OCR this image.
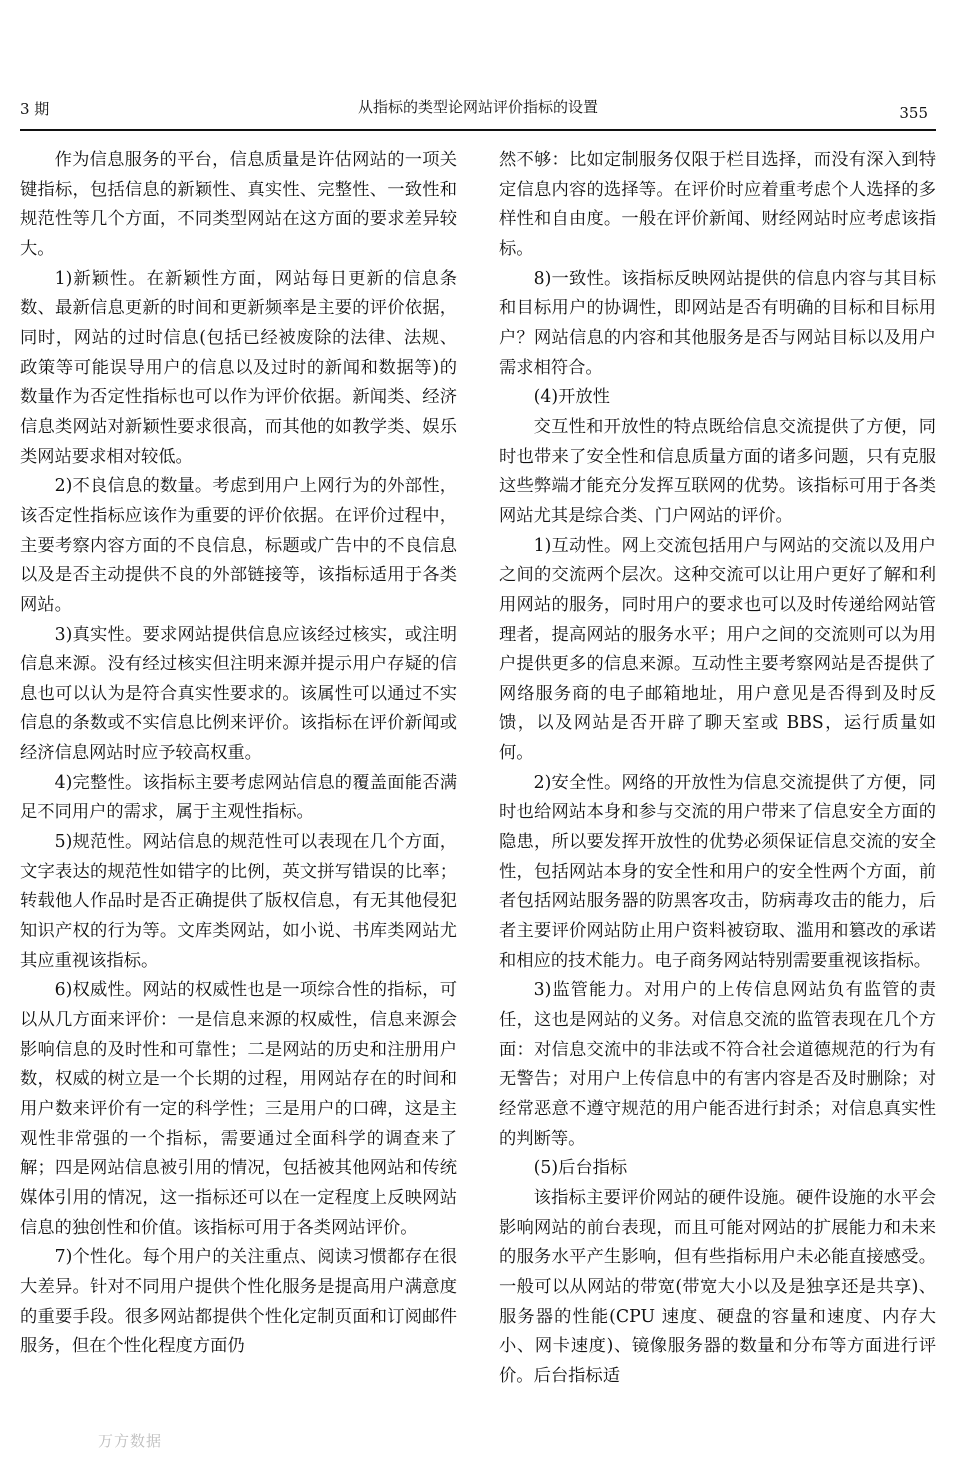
3 期	从指标的类型论网站评价指标的设置	355

作为信息服务的平台，信息质量是许估网站的一项关键指标，包括信息的新颖性、真实性、完整性、一致性和规范性等几个方面，不同类型网站在这方面的要求差异较大。

1)新颖性。在新颖性方面，网站每日更新的信息条数、最新信息更新的时间和更新频率是主要的评价依据，同时，网站的过时信息(包括已经被废除的法律、法规、政策等可能误导用户的信息以及过时的新闻和数据等)的数量作为否定性指标也可以作为评价依据。新闻类、经济信息类网站对新颖性要求很高，而其他的如教学类、娱乐类网站要求相对较低。

2)不良信息的数量。考虑到用户上网行为的外部性，该否定性指标应该作为重要的评价依据。在评价过程中，主要考察内容方面的不良信息，标题或广告中的不良信息以及是否主动提供不良的外部链接等，该指标适用于各类网站。

3)真实性。要求网站提供信息应该经过核实，或注明信息来源。没有经过核实但注明来源并提示用户存疑的信息也可以认为是符合真实性要求的。该属性可以通过不实信息的条数或不实信息比例来评价。该指标在评价新闻或经济信息网站时应予较高权重。

4)完整性。该指标主要考虑网站信息的覆盖面能否满足不同用户的需求，属于主观性指标。

5)规范性。网站信息的规范性可以表现在几个方面，文字表达的规范性如错字的比例，英文拼写错误的比率；转载他人作品时是否正确提供了版权信息，有无其他侵犯知识产权的行为等。文库类网站，如小说、书库类网站尤其应重视该指标。

6)权威性。网站的权威性也是一项综合性的指标，可以从几方面来评价：一是信息来源的权威性，信息来源会影响信息的及时性和可靠性；二是网站的历史和注册用户数，权威的树立是一个长期的过程，用网站存在的时间和用户数来评价有一定的科学性；三是用户的口碑，这是主观性非常强的一个指标，需要通过全面科学的调查来了解；四是网站信息被引用的情况，包括被其他网站和传统媒体引用的情况，这一指标还可以在一定程度上反映网站信息的独创性和价值。该指标可用于各类网站评价。

7)个性化。每个用户的关注重点、阅读习惯都存在很大差异。针对不同用户提供个性化服务是提高用户满意度的重要手段。很多网站都提供个性化定制页面和订阅邮件服务，但在个性化程度方面仍

然不够：比如定制服务仅限于栏目选择，而没有深入到特定信息内容的选择等。在评价时应着重考虑个人选择的多样性和自由度。一般在评价新闻、财经网站时应考虑该指标。

8)一致性。该指标反映网站提供的信息内容与其目标和目标用户的协调性，即网站是否有明确的目标和目标用户？网站信息的内容和其他服务是否与网站目标以及用户需求相符合。

(4)开放性

交互性和开放性的特点既给信息交流提供了方便，同时也带来了安全性和信息质量方面的诸多问题，只有克服这些弊端才能充分发挥互联网的优势。该指标可用于各类网站尤其是综合类、门户网站的评价。

1)互动性。网上交流包括用户与网站的交流以及用户之间的交流两个层次。这种交流可以让用户更好了解和利用网站的服务，同时用户的要求也可以及时传递给网站管理者，提高网站的服务水平；用户之间的交流则可以为用户提供更多的信息来源。互动性主要考察网站是否提供了网络服务商的电子邮箱地址，用户意见是否得到及时反馈，以及网站是否开辟了聊天室或 BBS，运行质量如何。

2)安全性。网络的开放性为信息交流提供了方便，同时也给网站本身和参与交流的用户带来了信息安全方面的隐患，所以要发挥开放性的优势必须保证信息交流的安全性，包括网站本身的安全性和用户的安全性两个方面，前者包括网站服务器的防黑客攻击，防病毒攻击的能力，后者主要评价网站防止用户资料被窃取、滥用和篡改的承诺和相应的技术能力。电子商务网站特别需要重视该指标。

3)监管能力。对用户的上传信息网站负有监管的责任，这也是网站的义务。对信息交流的监管表现在几个方面：对信息交流中的非法或不符合社会道德规范的行为有无警告；对用户上传信息中的有害内容是否及时删除；对经常恶意不遵守规范的用户能否进行封杀；对信息真实性的判断等。

(5)后台指标

该指标主要评价网站的硬件设施。硬件设施的水平会影响网站的前台表现，而且可能对网站的扩展能力和未来的服务水平产生影响，但有些指标用户未必能直接感受。一般可以从网站的带宽(带宽大小以及是独享还是共享)、服务器的性能(CPU 速度、硬盘的容量和速度、内存大小、网卡速度)、镜像服务器的数量和分布等方面进行评价。后台指标适

万方数据
